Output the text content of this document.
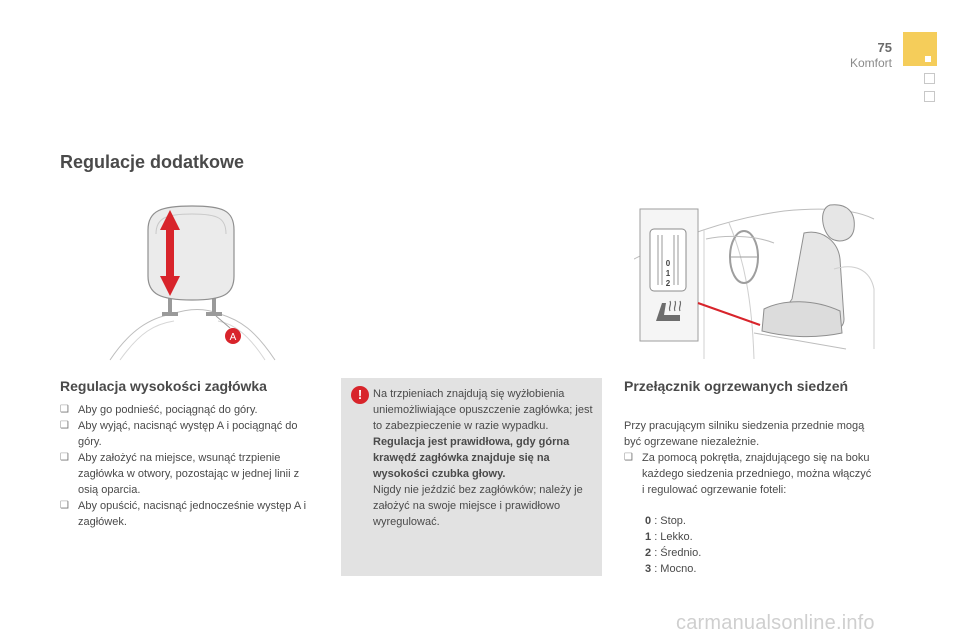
75
Komfort
Regulacje dodatkowe
A
0
1
2
Regulacja wysokości zagłówka
❑ Aby go podnieść, pociągnąć do góry.
❑ Aby wyjąć, nacisnąć występ A i pociągnąć do góry.
❑ Aby założyć na miejsce, wsunąć trzpienie zagłówka w otwory, pozostając w jednej linii z osią oparcia.
❑ Aby opuścić, nacisnąć jednocześnie występ A i zagłówek.
!

Na trzpieniach znajdują się wyżłobienia uniemożliwiające opuszczenie zagłówka; jest to zabezpieczenie w razie wypadku.

Regulacja jest prawidłowa, gdy górna krawędź zagłówka znajduje się na wysokości czubka głowy.

Nigdy nie jeździć bez zagłówków; należy je założyć na swoje miejsce i prawidłowo wyregulować.

Przełącznik ogrzewanych siedzeń

Przy pracującym silniku siedzenia przednie mogą być ogrzewane niezależnie.

❑ Za pomocą pokrętła, znajdującego się na boku każdego siedzenia przedniego, można włączyć i regulować ogrzewanie foteli:
0 : Stop.
1 : Lekko.
2 : Średnio.
3 : Mocno.
carmanualsonline.info
